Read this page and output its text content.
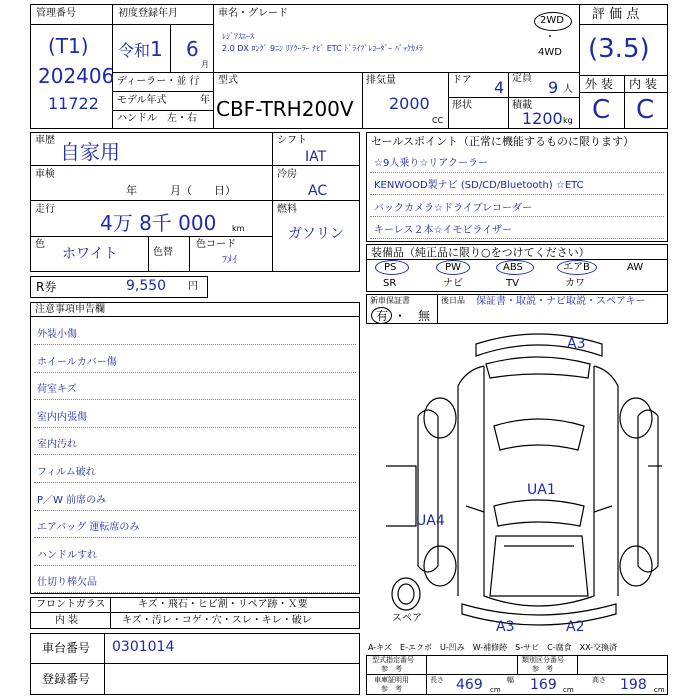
管理番号
(T1)
202406
11722
初度登録年月
令和 1 6
月
ディーラー・並 行
モデル年式	年
ハンドル　左・右
車名・グレード
ﾚｼﾞｱｽｴｰｽ
2.0 DX ﾛﾝｸﾞ 9ﾆﾝ ﾘｱｸｰﾗｰ ﾅﾋﾞ ETC ﾄﾞﾗｲﾌﾞﾚｺｰﾀﾞｰ ﾊﾞｯｸｶﾒﾗ
2WD
・
4WD
型式
CBF-TRH200V
排気量
2000
CC
ドア 4 定員 9 人
形状	積載
1200 kg
評 価 点
(3.5)
外 装 内 装
C C
車歴 自家用
車検
年　　　月（　　日）
走行
4万 8千 000 km
色
ホワイト	色替
色コード
ﾌﾒｲ
シフト
IAT
冷房
AC
燃料
ガソリン
R券	9,550 円
セールスポイント（正常に機能するものに限ります）
☆9人乗り☆リアクーラー
KENWOOD製ナビ (SD/CD/Bluetooth) ☆ETC
バックカメラ☆ドライブレコーダー
キーレス２本☆イモビライザー
装備品（純正品に限り○をつけてください）
PS	PW	ABS	エアB	AW
SR	ナビ	TV	カワ
新車保証書
有 ・ 無
後日品 保証書・取説・ナビ取説・スペアキー
注意事項申告欄
外装小傷
ホイールカバー傷
荷室キズ
室内内張傷
室内汚れ
フィルム破れ
P／W 前席のみ
エアバッグ 運転席のみ
ハンドルすれ
仕切り棒欠品
フロントガラス	キズ・飛石・ヒビ割・リペア跡・Ｘ要
内 装	キズ・汚レ・コゲ・穴・スレ・キレ・破レ
車台番号 0301014
登録番号
A3
UA1
UA4
A3	A2
スペア
A-キズ　E-エクボ　U-凹み　W-補修跡　S-サビ　C-腐食　XX-交換済
型式指定番号
参　考
類別区分番号
参　考
車庫証明用
参　考
長さ 469 cm
幅 169 cm
高さ 198 cm
